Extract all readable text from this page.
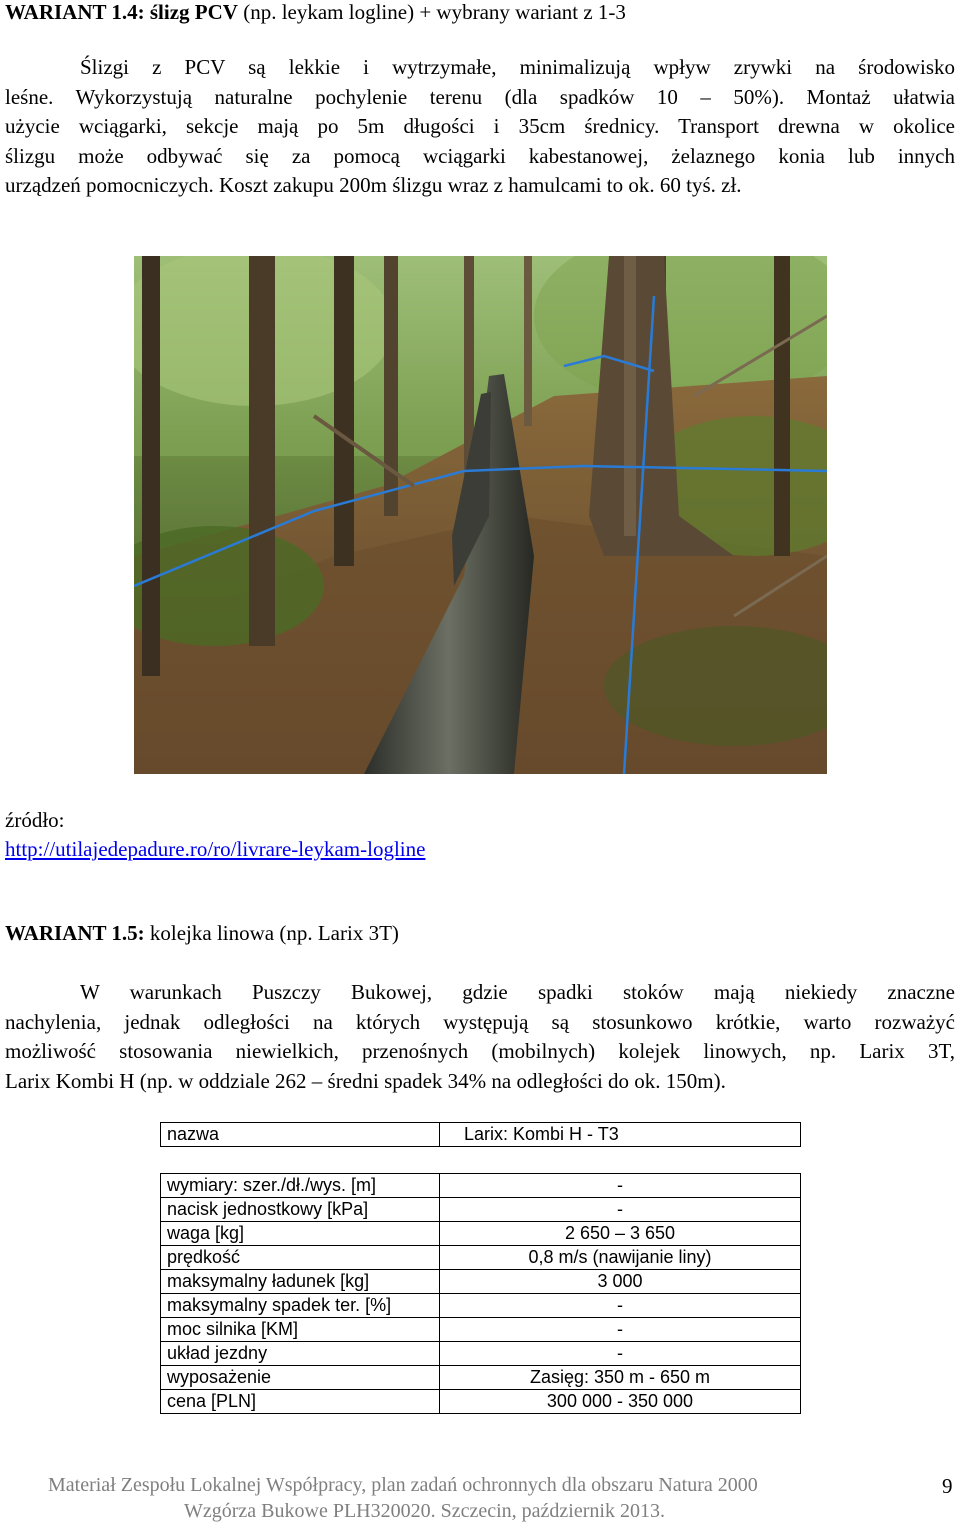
WARIANT 1.4: ślizg PCV (np. leykam logline) + wybrany wariant z 1-3
Ślizgi z PCV są lekkie i wytrzymałe, minimalizują wpływ zrywki na środowisko
leśne. Wykorzystują naturalne pochylenie terenu (dla spadków 10 – 50%). Montaż ułatwia
użycie wciągarki, sekcje mają po 5m długości i 35cm średnicy. Transport drewna w okolice
ślizgu może odbywać się za pomocą wciągarki kabestanowej, żelaznego konia lub innych
urządzeń pomocniczych. Koszt zakupu 200m ślizgu wraz z hamulcami to ok. 60 tyś. zł.
źródło:
http://utilajedepadure.ro/ro/livrare-leykam-logline
WARIANT 1.5: kolejka linowa (np. Larix 3T)
W warunkach Puszczy Bukowej, gdzie spadki stoków mają niekiedy znaczne
nachylenia, jednak odległości na których występują są stosunkowo krótkie, warto rozważyć
możliwość stosowania niewielkich, przenośnych (mobilnych) kolejek linowych, np. Larix 3T,
Larix Kombi H (np. w oddziale 262 – średni spadek 34% na odległości do ok. 150m).
nazwa	Larix: Kombi H - T3
wymiary: szer./dł./wys. [m]	-
nacisk jednostkowy [kPa]	-
waga [kg]	2 650 – 3 650
prędkość	0,8 m/s (nawijanie liny)
maksymalny ładunek [kg]	3 000
maksymalny spadek ter. [%]	-
moc silnika [KM]	-
układ jezdny	-
wyposażenie	Zasięg: 350 m - 650 m
cena [PLN]	300 000 - 350 000
Materiał Zespołu Lokalnej Współpracy, plan zadań ochronnych dla obszaru Natura 2000
Wzgórza Bukowe PLH320020. Szczecin, październik 2013.
9
